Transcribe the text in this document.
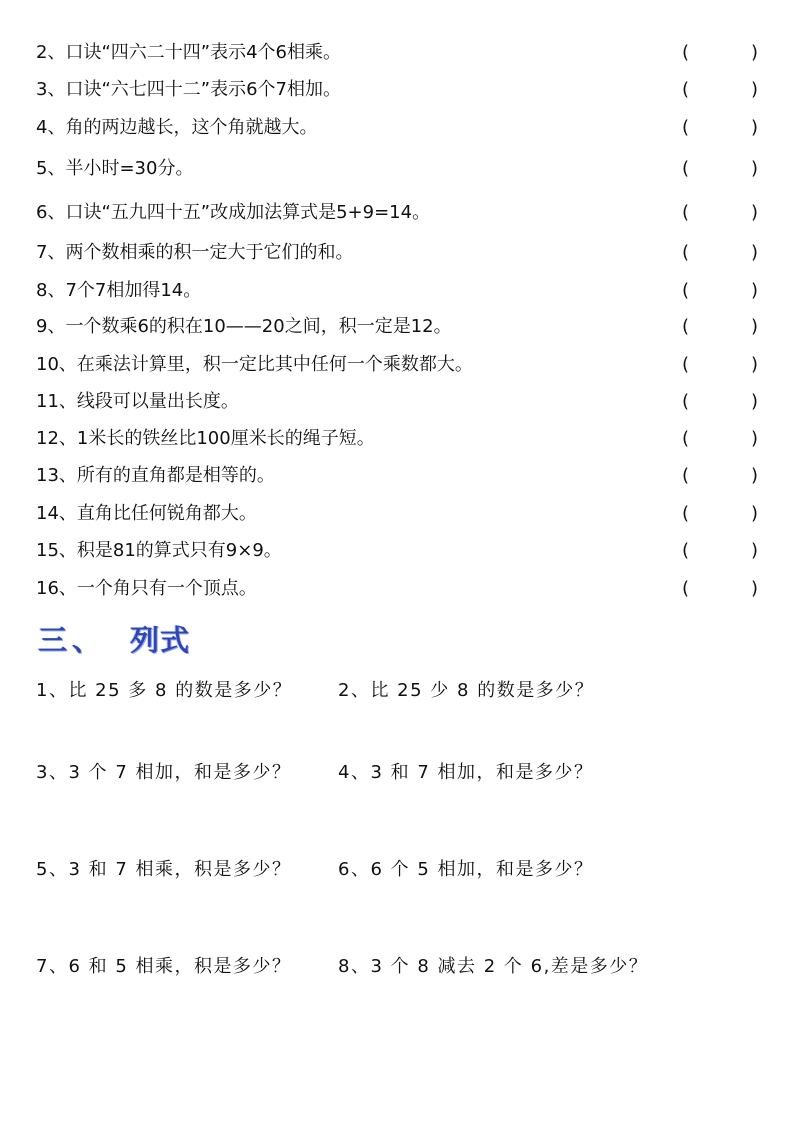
2、口诀“四六二十四”表示4个6相乘。	(	)
3、口诀“六七四十二”表示6个7相加。	(	)
4、角的两边越长，这个角就越大。	(	)
5、半小时=30分。	(	)
6、口诀“五九四十五”改成加法算式是5+9=14。	(	)
7、两个数相乘的积一定大于它们的和。	(	)
8、7个7相加得14。	(	)
9、一个数乘6的积在10——20之间，积一定是12。	(	)
10、在乘法计算里，积一定比其中任何一个乘数都大。	(	)
11、线段可以量出长度。	(	)
12、1米长的铁丝比100厘米长的绳子短。	(	)
13、所有的直角都是相等的。	(	)
14、直角比任何锐角都大。	(	)
15、积是81的算式只有9×9。	(	)
16、一个角只有一个顶点。	(	)
三 、 列式
1、比 25 多 8 的数是多少？	2、比 25 少 8 的数是多少？
3、3 个 7 相加，和是多少？	4、3 和 7 相加，和是多少？
5、3 和 7 相乘，积是多少？	6、6 个 5 相加，和是多少？
7、6 和 5 相乘，积是多少？	8、3 个 8 减去 2 个 6,差是多少？
